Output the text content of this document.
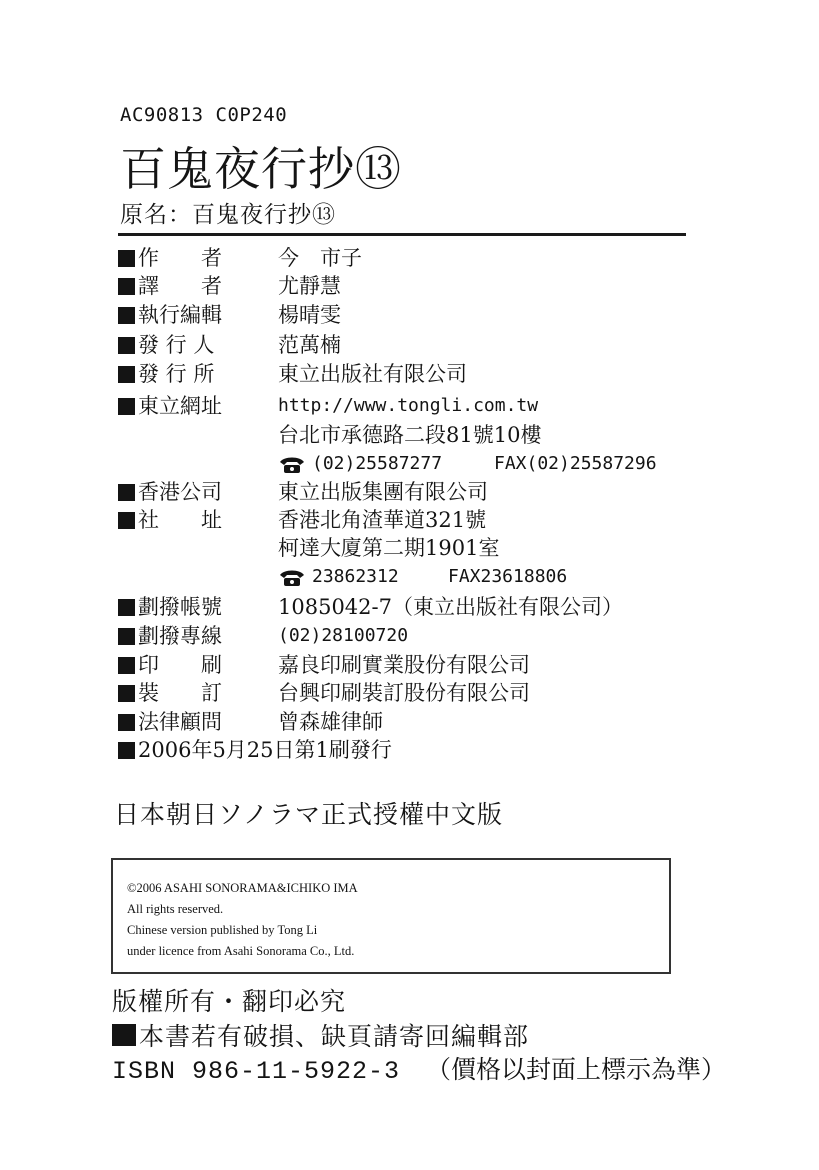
AC90813 C0P240
百鬼夜行抄⑬
原名：百鬼夜行抄⑬
作　　者	今　市子
譯　　者	尤靜慧
執行編輯	楊晴雯
發 行 人	范萬楠
發 行 所	東立出版社有限公司
東立網址	http://www.tongli.com.tw
台北市承德路二段81號10樓
(02)25587277	FAX(02)25587296
香港公司	東立出版集團有限公司
社　　址	香港北角渣華道321號
柯達大廈第二期1901室
23862312	FAX23618806
劃撥帳號	1085042-7（東立出版社有限公司）
劃撥專線	(02)28100720
印　　刷	嘉良印刷實業股份有限公司
裝　　訂	台興印刷裝訂股份有限公司
法律顧問	曾森雄律師
2006年5月25日第1刷發行
日本朝日ソノラマ正式授權中文版
©2006 ASAHI SONORAMA&ICHIKO IMA
All rights reserved.
Chinese version published by Tong Li
under licence from Asahi Sonorama Co., Ltd.
版權所有・翻印必究
本書若有破損、缺頁請寄回編輯部
ISBN 986-11-5922-3 （價格以封面上標示為準）
